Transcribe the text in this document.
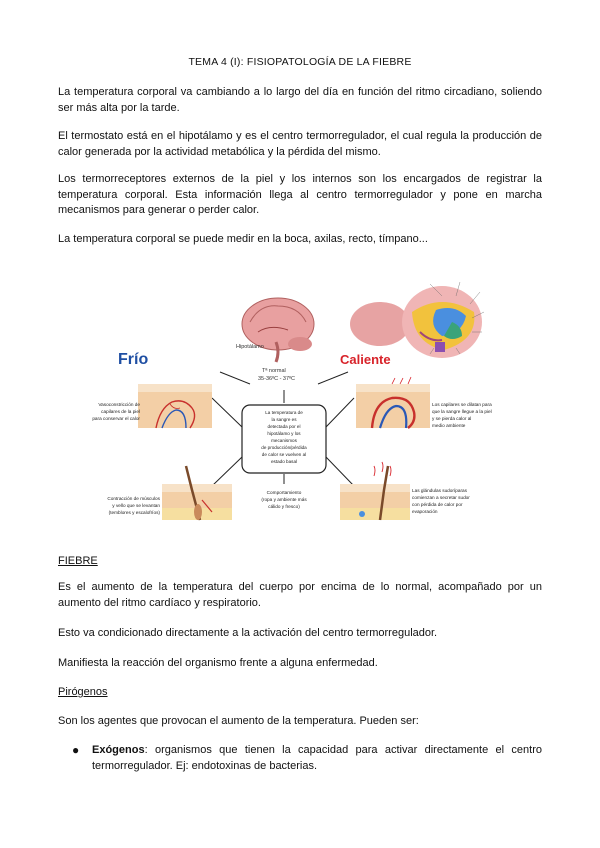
TEMA 4 (I): FISIOPATOLOGÍA DE LA FIEBRE

La temperatura corporal va cambiando a lo largo del día en función del ritmo circadiano, soliendo ser más alta por la tarde.

El termostato está en el hipotálamo y es el centro termorregulador, el cual regula la producción de calor generada por la actividad metabólica y la pérdida del mismo.

Los termorreceptores externos de la piel y los internos son los encargados de registrar la temperatura corporal. Esta información llega al centro termorregulador y pone en marcha mecanismos para generar o perder calor.

La temperatura corporal se puede medir en la boca, axilas, recto, tímpano...

Hipotálamo
Tª normal
35-36ºC - 37ºC
Frío	Caliente
La temperatura de
la sangre es
detectada por el
hipotálamo y los
mecanismos
de producción/pérdida
de calor se vuelven al
estado basal
Vasoconstricción de
capilares de la piel
para conservar el calor
Contracción de músculos
y vello que se levantan
(temblores y escalofríos)
Los capilares se dilatan para
que la sangre llegue a la piel
y se pierda calor al
medio ambiente
Las glándulas sudoríparas
comienzan a secretar sudor
con pérdida de calor por
evaporación
Comportamiento
(ropa y ambiente más
cálido y fresco)

FIEBRE

Es el aumento de la temperatura del cuerpo por encima de lo normal, acompañado por un aumento del ritmo cardíaco y respiratorio.

Esto va condicionado directamente a la activación del centro termorregulador.

Manifiesta la reacción del organismo frente a alguna enfermedad.

Pirógenos

Son los agentes que provocan el aumento de la temperatura. Pueden ser:

●	Exógenos: organismos que tienen la capacidad para activar directamente el centro termorregulador. Ej: endotoxinas de bacterias.
